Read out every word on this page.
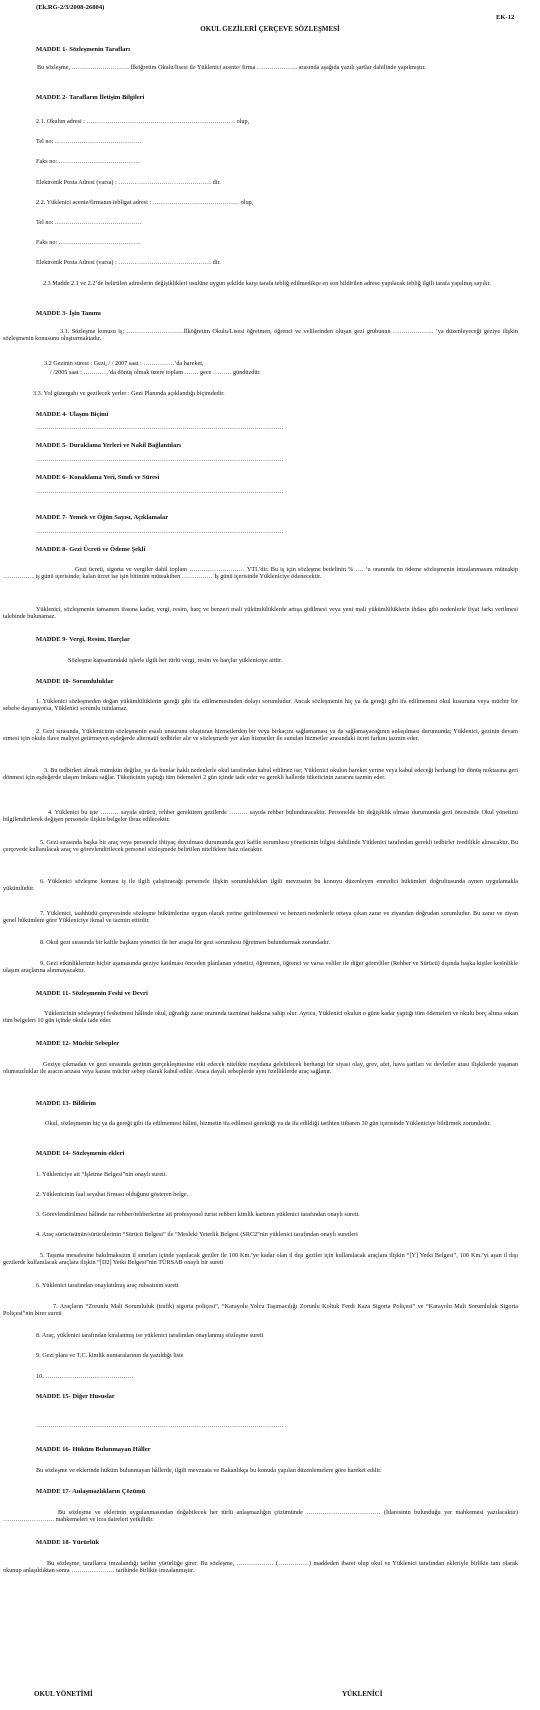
(Ek.RG-2/3/2008-26804)
EK-12
OKUL GEZİLERİ ÇERÇEVE SÖZLEŞMESİ
MADDE 1- Sözleşmenin Tarafları
Bu sözleşme, ………………………. İlköğretim Okulu/lisesi ile Yüklenici acente/ firma ……………….. arasında aşağıda yazılı şartlar dahilinde yapılmıştır.
MADDE 2- Tarafların İletişim Bilgileri
2.1. Okulun adresi : ……………………………………………………………… olup,
Tel no: ……………………………………
Faks no: ………………………………….
Elektronik Posta Adresi (varsa) : ……………………………………… dir.
2.2. Yüklenici acente/firmanın tebligat adresi : …………………………………… olup,
Tel no: ……………………………………
Faks no: ………………………………….
Elektronik Posta Adresi (varsa) : ……………………………………… dir.
2.3 Madde 2.1 ve 2.2’de belirtilen adreslerin değişiklikleri usulüne uygun şekilde karşı tarafa tebliğ edilmedikçe en son bildirilen adrese yapılacak tebliğ ilgili tarafa yapılmış sayılır.
MADDE 3- İşin Tanımı
3.1. Sözleşme konusu iş; ……………………….İlköğretim Okulu/Lisesi öğretmen, öğrenci ve velilerinden oluşan gezi grubunun ……………….. ’ya düzenleyeceği geziye ilişkin sözleşmenin konusunu oluşturmaktadır.
3.2 Gezinin süresi : Gezi, / / 2007 saat : ……………’da hareket,
/ /2005 saat : …………’da dönüş olmak üzere toplam ……. gece ……… gündüzdür.
3.3. Yol güzergahı ve gezilecek yerler : Gezi Planında açıklandığı biçimdedir.
MADDE 4- Ulaşım Biçimi
…………………………………………………………………………………………………………
MADDE 5- Duraklama Yerleri ve Nakil Bağlantıları
…………………………………………………………………………………………………………
MADDE 6- Konaklama Yeri, Sınıfı ve Süresi
…………………………………………………………………………………………………………
MADDE 7- Yemek ve Öğün Sayısı, Açıklamalar
…………………………………………………………………………………………………………
MADDE 8- Gezi Ücreti ve Ödeme Şekli
Gezi ücreti, sigorta ve vergiler dahil toplam ……………………… YTL’dir. Bu iş için sözleşme bedelinin % …. ‘u oranında ön ödeme sözleşmenin imzalanmasını müteakip …………… iş günü içerisinde; kalan ücret ise işin bitimini müteakiben …………… İş günü içerisinde Yükleniciye ödenecektir.
Yüklenici, sözleşmenin tamamen ifasına kadar, vergi, resim, harç ve benzeri mali yükümlülüklerde artışa gidilmesi veya yeni mali yükümlülüklerin ihdası gibi nedenlerle fiyat farkı verilmesi talebinde bulunamaz.
MADDE 9- Vergi, Resim, Harçlar
Sözleşme kapsamındaki işlerle ilgili her türlü vergi, resim ve harçlar yükleniciye aittir.
MADDE 10- Sorumluluklar
1. Yüklenici sözleşmeden doğan yükümlülüklerin gereği gibi ifa edilmemesinden dolayı sorumludur. Ancak sözleşmenin hiç ya da gereği gibi ifa edilmemesi okul kusuruna veya mücbir bir sebebe dayanıyorsa, Yüklenici sorumlu tutulamaz.
2. Gezi sırasında, Yüklenicinin sözleşmenin esaslı unsurunu oluşturan hizmetlerden bir veya birkaçını sağlamaması ya da sağlamayacağının anlaşılması durumunda; Yüklenici, gezinin devam etmesi için okulu ilave maliyet getirmeyen eşdeğerde alternatif tedbirler alır ve sözleşmede yer alan hizmetler ile sunulan hizmetler arasındaki ücret farkını tazmin eder.
3. Bu tedbirleri almak mümkün değilse, ya da bunlar haklı nedenlerle okul tarafından kabul edilmez ise; Yüklenici okulun hareket yerine veya kabul edeceği herhangi bir dönüş noktasına geri dönmesi için eşdeğerde ulaşım imkanı sağlar. Tüketicinin yaptığı tüm ödemeleri 2 gün içinde iade eder ve gerekli hallerde tüketicinin zararını tazmin eder.
4. Yüklenici bu işte ……… sayıda sürücü, rehber gerektiren gezilerde ……… sayıda rehber bulunduracaktır. Personelde bir değişiklik olması durumunda gezi öncesinde Okul yönetimi bilgilendirilerek değişen personele ilişkin belgeler ibraz edilecektir.
5. Gezi sırasında başka bir araç veya personele ihtiyaç duyulması durumunda gezi kafile sorumlusu yöneticinin bilgisi dahilinde Yüklenici tarafından gerekli tedbirler ivedilikle alınacaktır. Bu çerçevede kullanılacak araç ve görevlendirilecek personel sözleşmede belirtilen niteliklere haiz olacaktır.
6. Yüklenici sözleşme konusu iş ile ilgili çalıştıracağı personele ilişkin sorumlulukları ilgili mevzuatın bu konuyu düzenleyen emredici hükümleri doğrultusunda aynen uygulamakla yükümlüdür.
7. Yüklenici, taahhüdü çerçevesinde sözleşme hükümlerine uygun olarak yerine getirilmemesi ve benzeri nedenlerle ortaya çıkan zarar ve ziyandan doğrudan sorumludur. Bu zarar ve ziyan genel hükümlere göre Yükleniciye ikmal ve tazmin ettirilir.
8. Okul gezi sırasında bir kafile başkanı yönetici ile her araçta bir gezi sorumlusu öğretmen bulundurmak zorundadır.
9. Gezi etkinliklerinin hiçbir aşamasında geziye katılması önceden planlanan yönetici, öğretmen, öğrenci ve varsa veliler ile diğer görevliler (Rehber ve Sürücü) dışında başka kişiler kesinlikle ulaşım araçlarına alınmayacaktır.
MADDE 11- Sözleşmenin Feshi ve Devri
Yüklenicinin sözleşmeyi feshetmesi hâlinde okul, uğradığı zarar oranında tazminat hakkına sahip olur. Ayrıca, Yüklenici okulun o güne kadar yaptığı tüm ödemeleri ve okulu borç altına sokan tüm belgeleri 10 gün içinde okula iade eder.
MADDE 12- Mücbir Sebepler
Geziye çıkmadan ve gezi sırasında gezinin gerçekleşmesine etki edecek nitelikte meydana gelebilecek herhangi bir siyasi olay, grev, afet, hava şartları ve devletler arası ilişkilerde yaşanan olumsuzluklar ile aracın arızası veya kazası mücbir sebep olarak kabul edilir. Araca dayalı sebeplerde aynı özelliklerde araç sağlanır.
MADDE 13- Bildirim
Okul, sözleşmenin hiç ya da gereği gibi ifa edilmemesi hâlini, hizmetin ifa edilmesi gerektiği ya da ifa edildiği tarihten itibaren 30 gün içerisinde Yükleniciye bildirmek zorundadır.
MADDE 14- Sözleşmenin ekleri
1. Yükleniciye ait “İşletme Belgesi”nin onaylı sureti.
2. Yüklenicinin faal seyahat firması olduğunu gösteren belge.
3. Görevlendirilmesi hâlinde tur rehber/rehberlerine ait profesyonel turist rehberi kimlik kartının yüklenici tarafından onaylı sureti.
4. Araç sürücüsünün/sürücülerinin “Sürücü Belgesi” ile “Mesleki Yeterlik Belgesi (SRC2”nin yüklenici tarafından onaylı suretleri
5. Taşıma mesafesine bakılmaksızın il sınırları içinde yapılacak geziler ile 100 Km.’ye kadar olan il dışı geziler için kullanılacak araçlara ilişkin “[Y] Yetki Belgesi”, 100 Km.’yi aşan il dışı gezilerde kullanılacak araçlara ilişkin “[D2] Yetki Belgesi”nin TÜRSAB onaylı bir sureti
6. Yüklenici tarafından onaylatılmış araç ruhsatının sureti
7. Araçların “Zorunlu Mali Sorumluluk (trafik) sigorta poliçesi”, “Karayolu Yolcu Taşımacılığı Zorunlu Koltuk Ferdi Kaza Sigorta Poliçesi” ve “Karayolu Mali Sorumluluk Sigorta Poliçesi”nin birer sureti
8. Araç, yüklenici tarafından kiralanmış ise yüklenici tarafından onaylanmış sözleşme sureti
9. Gezi planı ve T.C. kimlik numaralarının da yazıldığı liste
10. …………………………………….
MADDE 15- Diğer Hususlar
…………………………………………………………………………………………………………
MADDE 16- Hüküm Bulunmayan Hâller
Bu sözleşme ve eklerinde hüküm bulunmayan hâllerde, ilgili mevzuata ve Bakanlıkça bu konuda yapılan düzenlemelere göre hareket edilir.
MADDE 17- Anlaşmazlıkların Çözümü
Bu sözleşme ve eklerinin uygulanmasından doğabilecek her türlü anlaşmazlığın çözümünde ……………………………… (İdaresinin bulunduğu yer mahkemesi yazılacaktır) ……………………. mahkemeleri ve icra daireleri yetkilidir.
MADDE 18- Yürürlük
Bu sözleşme, taraflarca imzalandığı tarihte yürürlüğe girer. Bu sözleşme, ……………… (……………) maddeden ibaret olup okul ve Yüklenici tarafından ekleriyle birlikte tam olarak okunup anlaşıldıktan sonra ………………… tarihinde birlikte imzalanmıştır.
OKUL YÖNETİMİ	YÜKLENİCİ
